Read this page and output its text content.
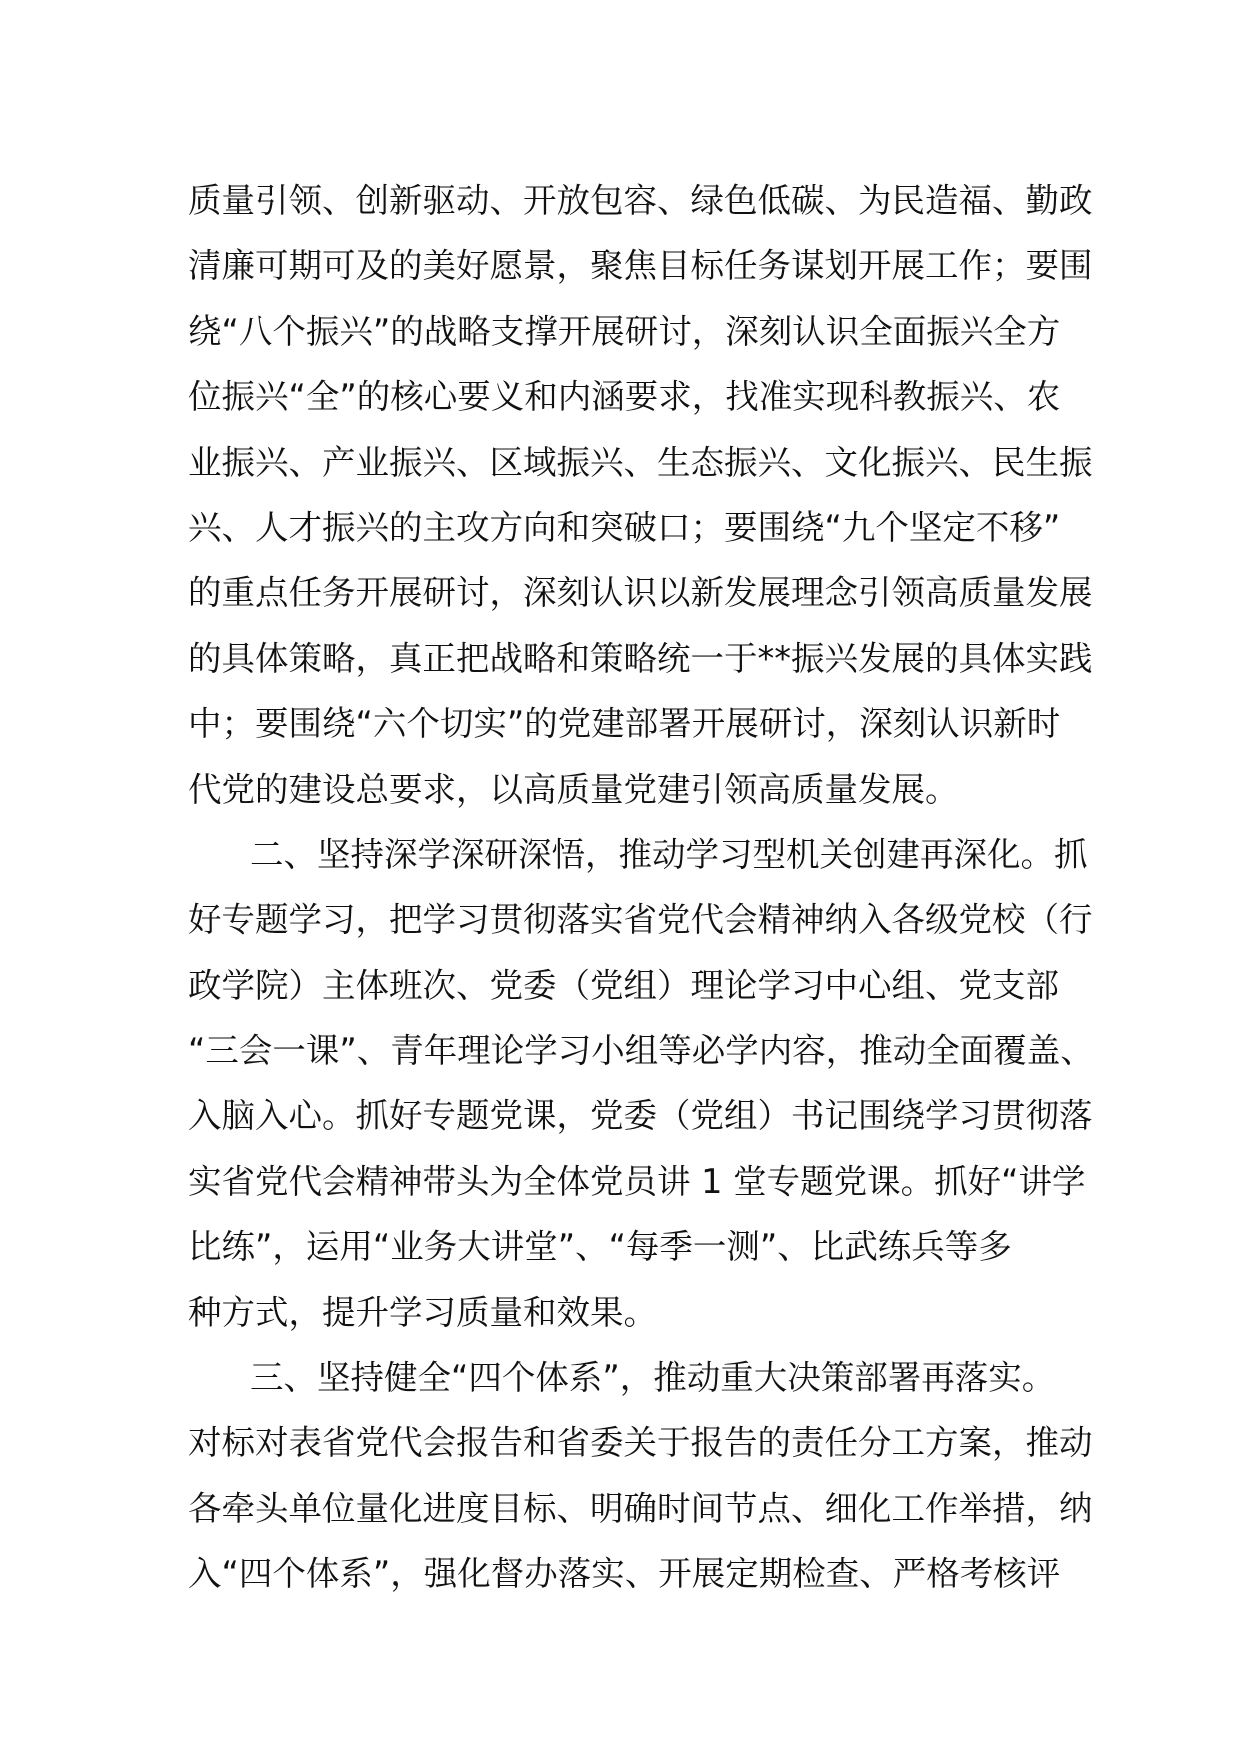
质量引领、创新驱动、开放包容、绿色低碳、为民造福、勤政
清廉可期可及的美好愿景，聚焦目标任务谋划开展工作；要围
绕“八个振兴”的战略支撑开展研讨，深刻认识全面振兴全方
位振兴“全”的核心要义和内涵要求，找准实现科教振兴、农
业振兴、产业振兴、区域振兴、生态振兴、文化振兴、民生振
兴、人才振兴的主攻方向和突破口；要围绕“九个坚定不移”
的重点任务开展研讨，深刻认识以新发展理念引领高质量发展
的具体策略，真正把战略和策略统一于**振兴发展的具体实践
中；要围绕“六个切实”的党建部署开展研讨，深刻认识新时
代党的建设总要求，以高质量党建引领高质量发展。
二、坚持深学深研深悟，推动学习型机关创建再深化。抓
好专题学习，把学习贯彻落实省党代会精神纳入各级党校（行
政学院）主体班次、党委（党组）理论学习中心组、党支部
“三会一课”、青年理论学习小组等必学内容，推动全面覆盖、
入脑入心。抓好专题党课，党委（党组）书记围绕学习贯彻落
实省党代会精神带头为全体党员讲 1 堂专题党课。抓好“讲学
比练”，运用“业务大讲堂”、“每季一测”、比武练兵等多
种方式，提升学习质量和效果。
三、坚持健全“四个体系”，推动重大决策部署再落实。
对标对表省党代会报告和省委关于报告的责任分工方案，推动
各牵头单位量化进度目标、明确时间节点、细化工作举措，纳
入“四个体系”，强化督办落实、开展定期检查、严格考核评
